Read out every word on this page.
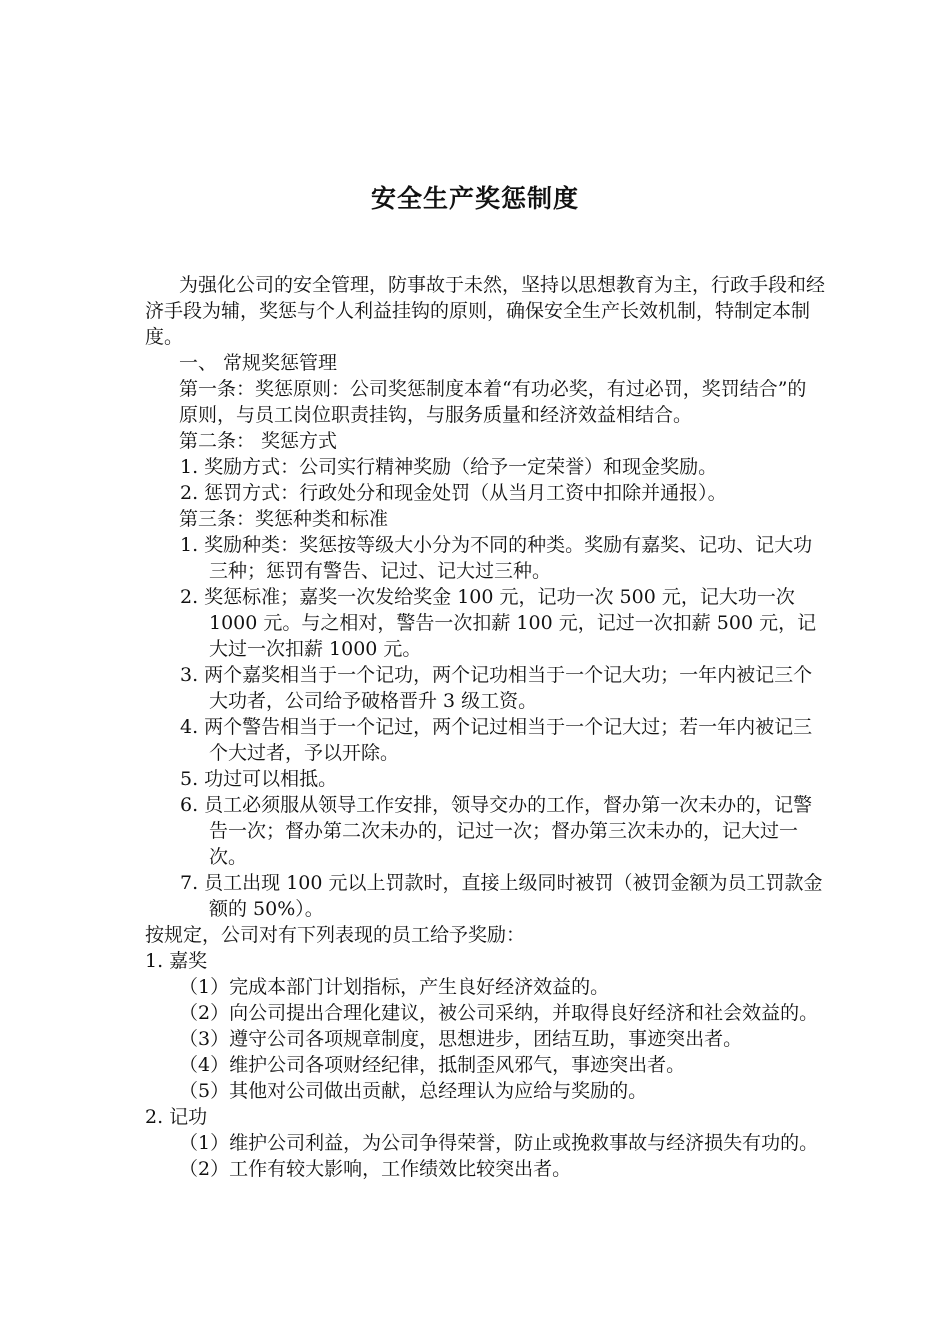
安全生产奖惩制度

为强化公司的安全管理，防事故于未然，坚持以思想教育为主，行政手段和经济手段为辅，奖惩与个人利益挂钩的原则，确保安全生产长效机制，特制定本制度。

一、 常规奖惩管理

第一条：奖惩原则：公司奖惩制度本着“有功必奖，有过必罚，奖罚结合”的原则，与员工岗位职责挂钩，与服务质量和经济效益相结合。

第二条： 奖惩方式

1. 奖励方式：公司实行精神奖励（给予一定荣誉）和现金奖励。

2. 惩罚方式：行政处分和现金处罚（从当月工资中扣除并通报）。

第三条：奖惩种类和标准

1. 奖励种类：奖惩按等级大小分为不同的种类。奖励有嘉奖、记功、记大功三种；惩罚有警告、记过、记大过三种。

2. 奖惩标准；嘉奖一次发给奖金 100 元，记功一次 500 元，记大功一次 1000 元。与之相对，警告一次扣薪 100 元，记过一次扣薪 500 元，记大过一次扣薪 1000 元。

3. 两个嘉奖相当于一个记功，两个记功相当于一个记大功；一年内被记三个大功者，公司给予破格晋升 3 级工资。

4. 两个警告相当于一个记过，两个记过相当于一个记大过；若一年内被记三个大过者，予以开除。

5. 功过可以相抵。

6. 员工必须服从领导工作安排，领导交办的工作，督办第一次未办的，记警告一次；督办第二次未办的，记过一次；督办第三次未办的，记大过一次。

7. 员工出现 100 元以上罚款时，直接上级同时被罚（被罚金额为员工罚款金额的 50%）。

按规定，公司对有下列表现的员工给予奖励：

1. 嘉奖

（1）完成本部门计划指标，产生良好经济效益的。

（2）向公司提出合理化建议，被公司采纳，并取得良好经济和社会效益的。

（3）遵守公司各项规章制度，思想进步，团结互助，事迹突出者。

（4）维护公司各项财经纪律，抵制歪风邪气，事迹突出者。

（5）其他对公司做出贡献，总经理认为应给与奖励的。

2. 记功

（1）维护公司利益，为公司争得荣誉，防止或挽救事故与经济损失有功的。

（2）工作有较大影响，工作绩效比较突出者。
